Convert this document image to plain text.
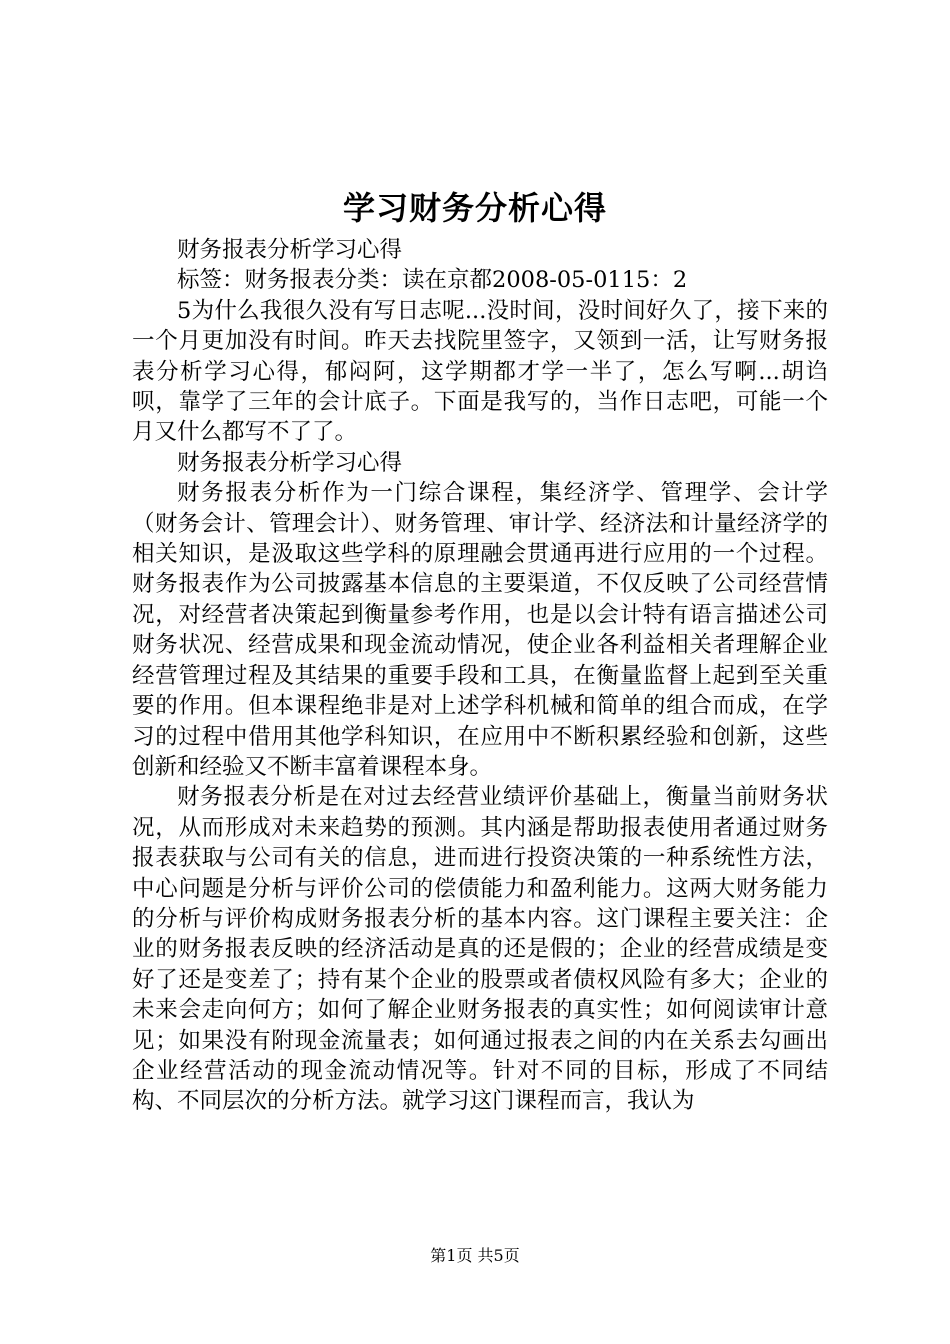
学习财务分析心得

财务报表分析学习心得

标签：财务报表分类：读在京都2008-05-0115：2

5为什么我很久没有写日志呢...没时间，没时间好久了，接下来的一个月更加没有时间。昨天去找院里签字，又领到一活，让写财务报表分析学习心得，郁闷阿，这学期都才学一半了，怎么写啊...胡诌呗，靠学了三年的会计底子。下面是我写的，当作日志吧，可能一个月又什么都写不了了。

财务报表分析学习心得

财务报表分析作为一门综合课程，集经济学、管理学、会计学（财务会计、管理会计）、财务管理、审计学、经济法和计量经济学的相关知识，是汲取这些学科的原理融会贯通再进行应用的一个过程。财务报表作为公司披露基本信息的主要渠道，不仅反映了公司经营情况，对经营者决策起到衡量参考作用，也是以会计特有语言描述公司财务状况、经营成果和现金流动情况，使企业各利益相关者理解企业经营管理过程及其结果的重要手段和工具，在衡量监督上起到至关重要的作用。但本课程绝非是对上述学科机械和简单的组合而成，在学习的过程中借用其他学科知识，在应用中不断积累经验和创新，这些创新和经验又不断丰富着课程本身。

财务报表分析是在对过去经营业绩评价基础上，衡量当前财务状况，从而形成对未来趋势的预测。其内涵是帮助报表使用者通过财务报表获取与公司有关的信息，进而进行投资决策的一种系统性方法，中心问题是分析与评价公司的偿债能力和盈利能力。这两大财务能力的分析与评价构成财务报表分析的基本内容。这门课程主要关注：企业的财务报表反映的经济活动是真的还是假的；企业的经营成绩是变好了还是变差了；持有某个企业的股票或者债权风险有多大；企业的未来会走向何方；如何了解企业财务报表的真实性；如何阅读审计意见；如果没有附现金流量表；如何通过报表之间的内在关系去勾画出企业经营活动的现金流动情况等。针对不同的目标，形成了不同结构、不同层次的分析方法。就学习这门课程而言，我认为

第1页 共5页
